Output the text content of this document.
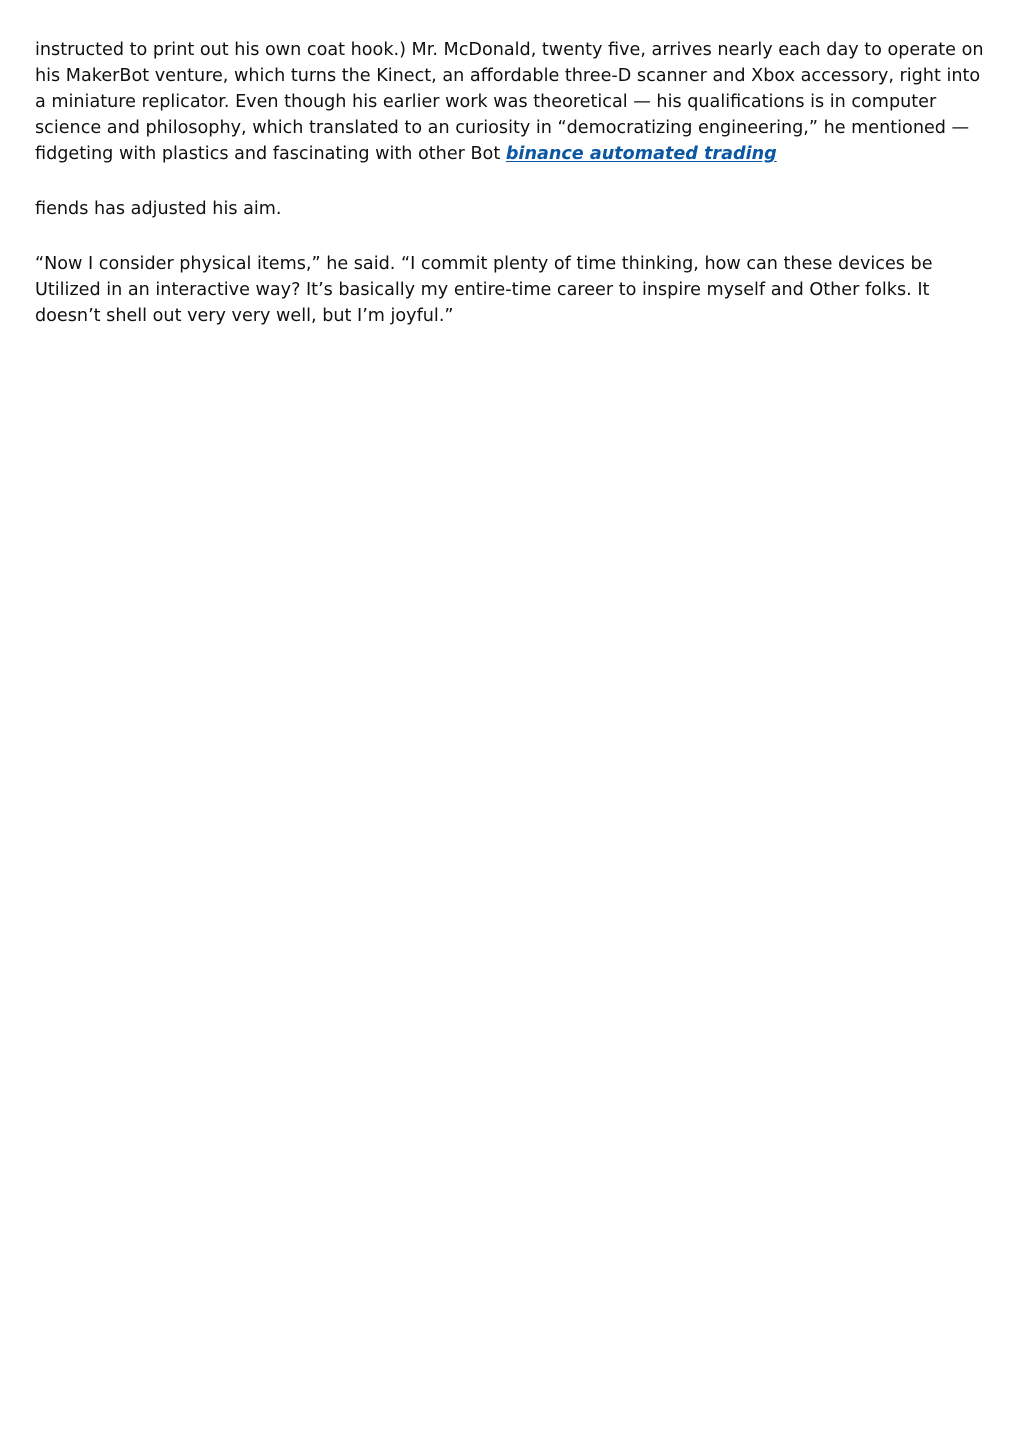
instructed to print out his own coat hook.) Mr. McDonald, twenty five, arrives nearly each day to operate on his MakerBot venture, which turns the Kinect, an affordable three-D scanner and Xbox accessory, right into a miniature replicator. Even though his earlier work was theoretical — his qualifications is in computer science and philosophy, which translated to an curiosity in “democratizing engineering,” he mentioned — fidgeting with plastics and fascinating with other Bot binance automated trading

fiends has adjusted his aim.

“Now I consider physical items,” he said. “I commit plenty of time thinking, how can these devices be Utilized in an interactive way? It’s basically my entire-time career to inspire myself and Other folks. It doesn’t shell out very very well, but I’m joyful.”
